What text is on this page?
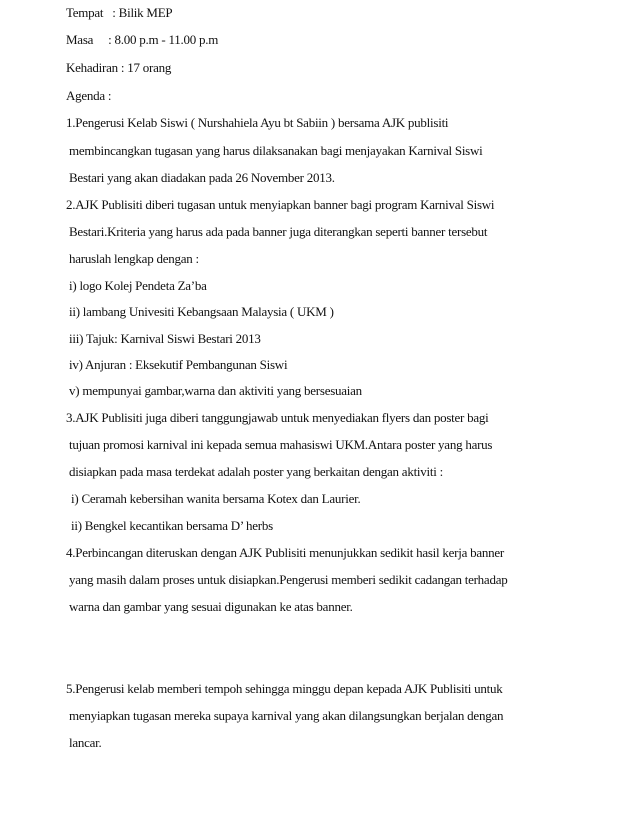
Tempat   : Bilik MEP
Masa     : 8.00 p.m - 11.00 p.m
Kehadiran : 17 orang
Agenda :
1.Pengerusi Kelab Siswi ( Nurshahiela Ayu bt Sabiin ) bersama AJK publisiti
membincangkan tugasan yang harus dilaksanakan bagi menjayakan Karnival Siswi
Bestari yang akan diadakan pada 26 November 2013.
2.AJK Publisiti diberi tugasan untuk menyiapkan banner bagi program Karnival Siswi
Bestari.Kriteria yang harus ada pada banner juga diterangkan seperti banner tersebut
haruslah lengkap dengan :
i) logo Kolej Pendeta Za’ba
ii) lambang Univesiti Kebangsaan Malaysia ( UKM )
iii) Tajuk: Karnival Siswi Bestari 2013
iv) Anjuran : Eksekutif Pembangunan Siswi
v) mempunyai gambar,warna dan aktiviti yang bersesuaian
3.AJK Publisiti juga diberi tanggungjawab untuk menyediakan flyers dan poster bagi
tujuan promosi karnival ini kepada semua mahasiswi UKM.Antara poster yang harus
disiapkan pada masa terdekat adalah poster yang berkaitan dengan aktiviti :
i) Ceramah kebersihan wanita bersama Kotex dan Laurier.
ii) Bengkel kecantikan bersama D’ herbs
4.Perbincangan diteruskan dengan AJK Publisiti menunjukkan sedikit hasil kerja banner
yang masih dalam proses untuk disiapkan.Pengerusi memberi sedikit cadangan terhadap
warna dan gambar yang sesuai digunakan ke atas banner.
5.Pengerusi kelab memberi tempoh sehingga minggu depan kepada AJK Publisiti untuk
menyiapkan tugasan mereka supaya karnival yang akan dilangsungkan berjalan dengan
lancar.
